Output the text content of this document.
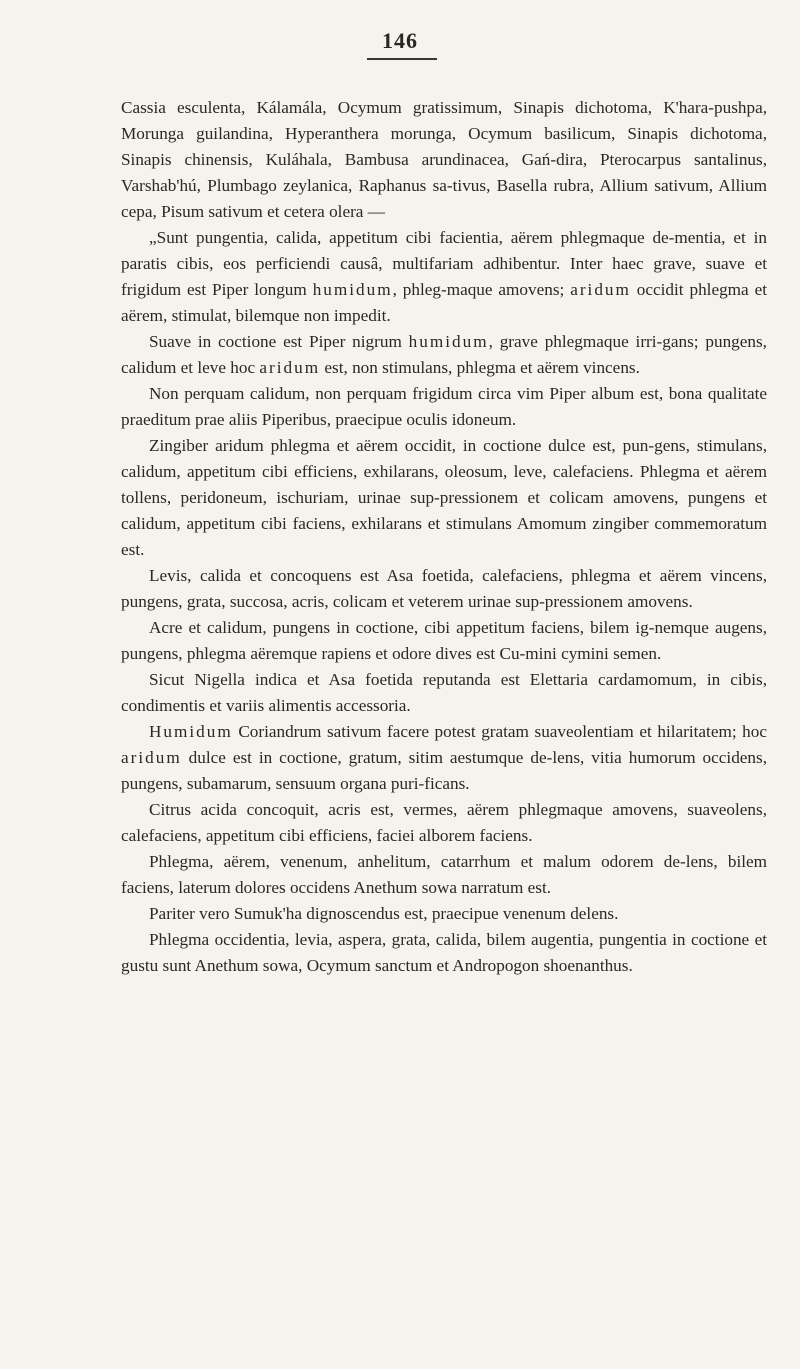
146

Cassia esculenta, Kálamála, Ocymum gratissimum, Sinapis dichotoma, K'hara-pushpa, Morunga guilandina, Hyperanthera morunga, Ocymum basilicum, Sinapis dichotoma, Sinapis chinensis, Kuláhala, Bambusa arundinacea, Gań-dira, Pterocarpus santalinus, Varshab'hú, Plumbago zeylanica, Raphanus sa-tivus, Basella rubra, Allium sativum, Allium cepa, Pisum sativum et cetera olera —

„Sunt pungentia, calida, appetitum cibi facientia, aërem phlegmaque de-mentia, et in paratis cibis, eos perficiendi causâ, multifariam adhibentur. Inter haec grave, suave et frigidum est Piper longum humidum, phleg-maque amovens; aridum occidit phlegma et aërem, stimulat, bilemque non impedit.

Suave in coctione est Piper nigrum humidum, grave phlegmaque irri-gans; pungens, calidum et leve hoc aridum est, non stimulans, phlegma et aërem vincens.

Non perquam calidum, non perquam frigidum circa vim Piper album est, bona qualitate praeditum prae aliis Piperibus, praecipue oculis idoneum.

Zingiber aridum phlegma et aërem occidit, in coctione dulce est, pun-gens, stimulans, calidum, appetitum cibi efficiens, exhilarans, oleosum, leve, calefaciens. Phlegma et aërem tollens, peridoneum, ischuriam, urinae sup-pressionem et colicam amovens, pungens et calidum, appetitum cibi faciens, exhilarans et stimulans Amomum zingiber commemoratum est.

Levis, calida et concoquens est Asa foetida, calefaciens, phlegma et aërem vincens, pungens, grata, succosa, acris, colicam et veterem urinae sup-pressionem amovens.

Acre et calidum, pungens in coctione, cibi appetitum faciens, bilem ig-nemque augens, pungens, phlegma aëremque rapiens et odore dives est Cu-mini cymini semen.

Sicut Nigella indica et Asa foetida reputanda est Elettaria cardamomum, in cibis, condimentis et variis alimentis accessoria.

Humidum Coriandrum sativum facere potest gratam suaveolentiam et hilaritatem; hoc aridum dulce est in coctione, gratum, sitim aestumque de-lens, vitia humorum occidens, pungens, subamarum, sensuum organa puri-ficans.

Citrus acida concoquit, acris est, vermes, aërem phlegmaque amovens, suaveolens, calefaciens, appetitum cibi efficiens, faciei alborem faciens.

Phlegma, aërem, venenum, anhelitum, catarrhum et malum odorem de-lens, bilem faciens, laterum dolores occidens Anethum sowa narratum est.

Pariter vero Sumuk'ha dignoscendus est, praecipue venenum delens.

Phlegma occidentia, levia, aspera, grata, calida, bilem augentia, pungentia in coctione et gustu sunt Anethum sowa, Ocymum sanctum et Andropogon shoenanthus.
